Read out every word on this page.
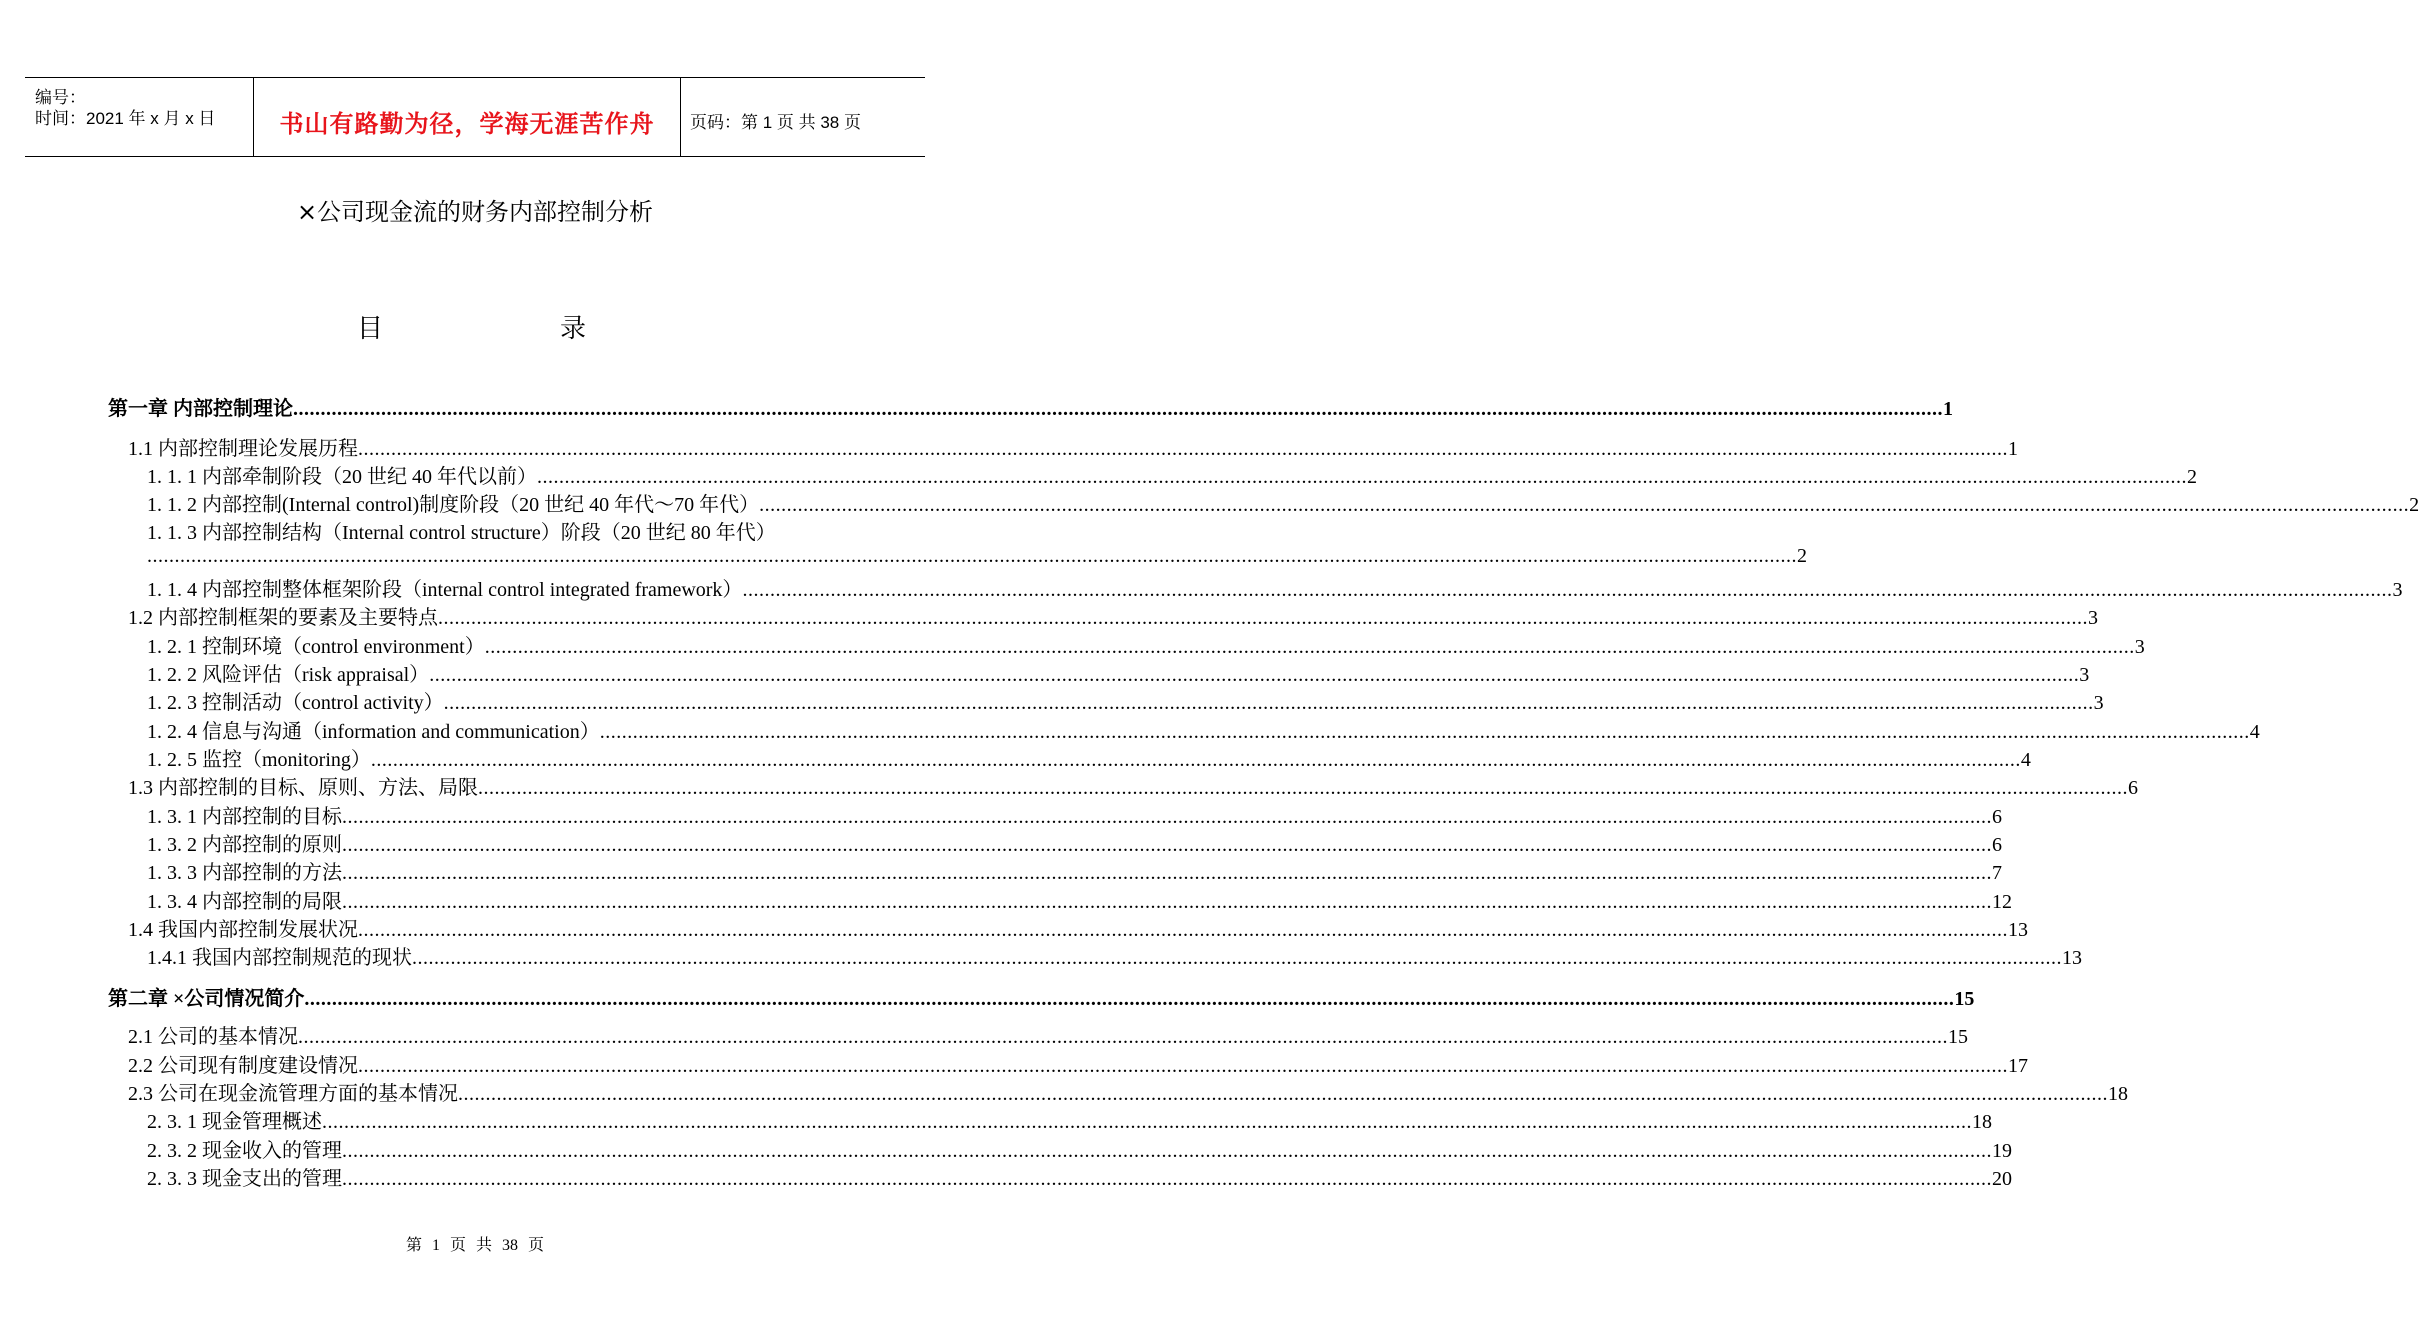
编号：
时间：2021 年 x 月 x 日	书山有路勤为径，学海无涯苦作舟	页码：第 1 页 共 38 页
×公司现金流的财务内部控制分析
目	录
第一章 内部控制理论 ............................................................................................................................................................................................................................................................................................................ 1
1.1 内部控制理论发展历程 ............................................................................................................................................................................................................................................................................................................ 1
1. 1. 1 内部牵制阶段（20 世纪 40 年代以前） ............................................................................................................................................................................................................................................................................................................ 2
1. 1. 2 内部控制(Internal control)制度阶段（20 世纪 40 年代～70 年代） ............................................................................................................................................................................................................................................................................................................ 2
1. 1. 3 内部控制结构（Internal control structure）阶段（20 世纪 80 年代）
............................................................................................................................................................................................................................................................................................................ 2
1. 1. 4 内部控制整体框架阶段（internal control integrated framework） ............................................................................................................................................................................................................................................................................................................ 3
1.2 内部控制框架的要素及主要特点 ............................................................................................................................................................................................................................................................................................................ 3
1. 2. 1 控制环境（control environment） ............................................................................................................................................................................................................................................................................................................ 3
1. 2. 2 风险评估（risk appraisal） ............................................................................................................................................................................................................................................................................................................ 3
1. 2. 3 控制活动（control activity） ............................................................................................................................................................................................................................................................................................................ 3
1. 2. 4 信息与沟通（information and communication） ............................................................................................................................................................................................................................................................................................................ 4
1. 2. 5 监控（monitoring） ............................................................................................................................................................................................................................................................................................................ 4
1.3 内部控制的目标、原则、方法、局限 ............................................................................................................................................................................................................................................................................................................ 6
1. 3. 1 内部控制的目标 ............................................................................................................................................................................................................................................................................................................ 6
1. 3. 2 内部控制的原则 ............................................................................................................................................................................................................................................................................................................ 6
1. 3. 3 内部控制的方法 ............................................................................................................................................................................................................................................................................................................ 7
1. 3. 4 内部控制的局限 ............................................................................................................................................................................................................................................................................................................ 12
1.4 我国内部控制发展状况 ............................................................................................................................................................................................................................................................................................................ 13
1.4.1 我国内部控制规范的现状 ............................................................................................................................................................................................................................................................................................................ 13
第二章 ×公司情况简介 ............................................................................................................................................................................................................................................................................................................ 15
2.1 公司的基本情况 ............................................................................................................................................................................................................................................................................................................ 15
2.2 公司现有制度建设情况 ............................................................................................................................................................................................................................................................................................................ 17
2.3 公司在现金流管理方面的基本情况 ............................................................................................................................................................................................................................................................................................................ 18
2. 3. 1 现金管理概述 ............................................................................................................................................................................................................................................................................................................ 18
2. 3. 2 现金收入的管理 ............................................................................................................................................................................................................................................................................................................ 19
2. 3. 3 现金支出的管理 ............................................................................................................................................................................................................................................................................................................ 20
第 1 页 共 38 页
